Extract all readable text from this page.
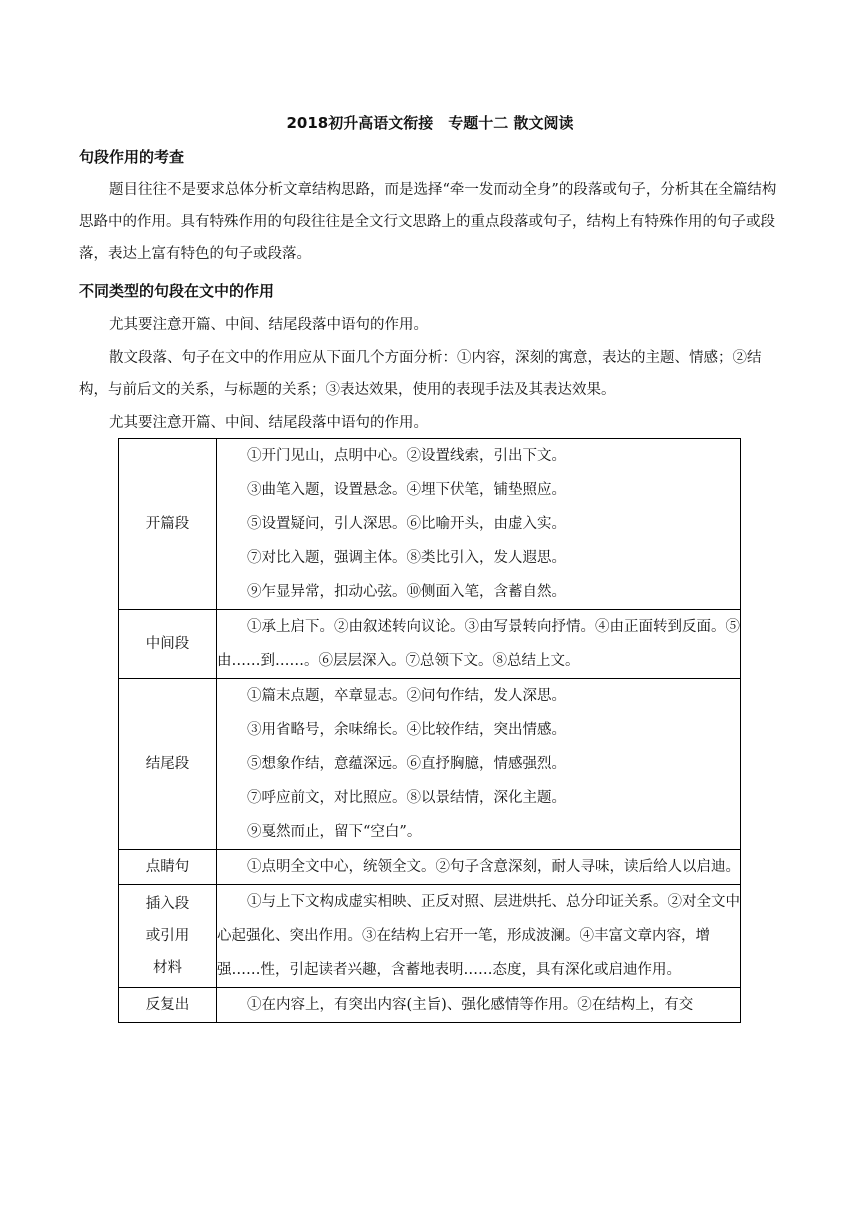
2018初升高语文衔接　专题十二 散文阅读
句段作用的考查

题目往往不是要求总体分析文章结构思路，而是选择“牵一发而动全身”的段落或句子，分析其在全篇结构思路中的作用。具有特殊作用的句段往往是全文行文思路上的重点段落或句子，结构上有特殊作用的句子或段落，表达上富有特色的句子或段落。

不同类型的句段在文中的作用

尤其要注意开篇、中间、结尾段落中语句的作用。

散文段落、句子在文中的作用应从下面几个方面分析：①内容，深刻的寓意，表达的主题、情感；②结构，与前后文的关系，与标题的关系；③表达效果，使用的表现手法及其表达效果。

尤其要注意开篇、中间、结尾段落中语句的作用。

开篇段	①开门见山，点明中心。②设置线索，引出下文。
③曲笔入题，设置悬念。④埋下伏笔，铺垫照应。
⑤设置疑问，引人深思。⑥比喻开头，由虚入实。
⑦对比入题，强调主体。⑧类比引入，发人遐思。
⑨乍显异常，扣动心弦。⑩侧面入笔，含蓄自然。

中间段	①承上启下。②由叙述转向议论。③由写景转向抒情。④由正面转到反面。⑤由……到……。⑥层层深入。⑦总领下文。⑧总结上文。

结尾段	①篇末点题，卒章显志。②问句作结，发人深思。
③用省略号，余味绵长。④比较作结，突出情感。
⑤想象作结，意蕴深远。⑥直抒胸臆，情感强烈。
⑦呼应前文，对比照应。⑧以景结情，深化主题。
⑨戛然而止，留下“空白”。

点睛句	①点明全文中心，统领全文。②句子含意深刻，耐人寻味，读后给人以启迪。

插入段
或引用
材料	①与上下文构成虚实相映、正反对照、层进烘托、总分印证关系。②对全文中心起强化、突出作用。③在结构上宕开一笔，形成波澜。④丰富文章内容，增强……性，引起读者兴趣，含蓄地表明……态度，具有深化或启迪作用。

反复出	①在内容上，有突出内容(主旨)、强化感情等作用。②在结构上，有交
